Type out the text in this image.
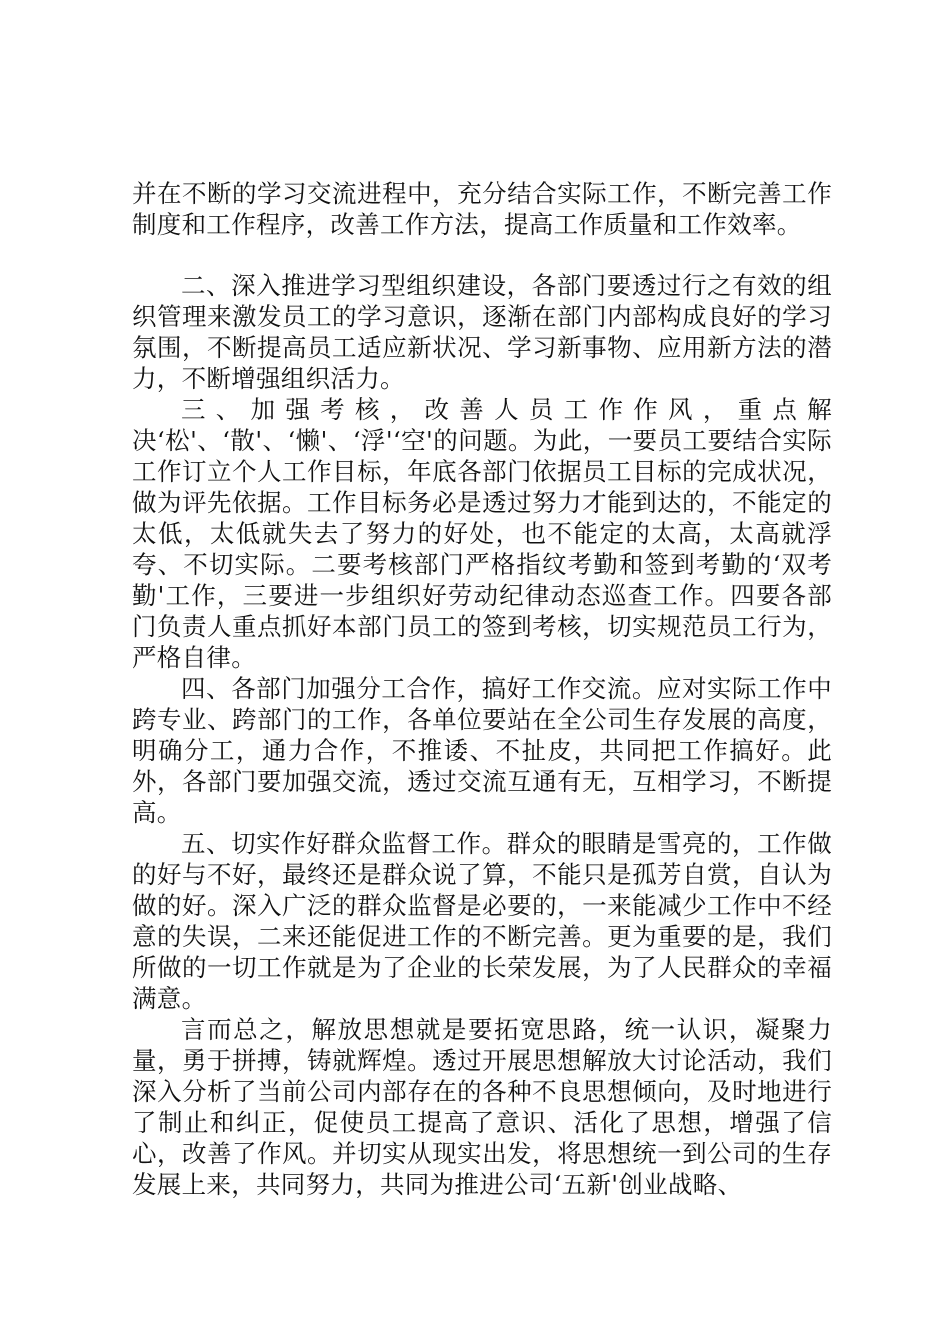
并在不断的学习交流进程中，充分结合实际工作，不断完善工作制度和工作程序，改善工作方法，提高工作质量和工作效率。

二、深入推进学习型组织建设，各部门要透过行之有效的组织管理来激发员工的学习意识，逐渐在部门内部构成良好的学习氛围，不断提高员工适应新状况、学习新事物、应用新方法的潜力，不断增强组织活力。

三、加强考核，改善人员工作作风，重点解决‘松'、‘散'、‘懒'、‘浮'‘空'的问题。为此，一要员工要结合实际工作订立个人工作目标，年底各部门依据员工目标的完成状况，做为评先依据。工作目标务必是透过努力才能到达的，不能定的太低，太低就失去了努力的好处，也不能定的太高，太高就浮夸、不切实际。二要考核部门严格指纹考勤和签到考勤的‘双考勤'工作，三要进一步组织好劳动纪律动态巡查工作。四要各部门负责人重点抓好本部门员工的签到考核，切实规范员工行为，严格自律。

四、各部门加强分工合作，搞好工作交流。应对实际工作中跨专业、跨部门的工作，各单位要站在全公司生存发展的高度，明确分工，通力合作，不推诿、不扯皮，共同把工作搞好。此外，各部门要加强交流，透过交流互通有无，互相学习，不断提高。

五、切实作好群众监督工作。群众的眼睛是雪亮的，工作做的好与不好，最终还是群众说了算，不能只是孤芳自赏，自认为做的好。深入广泛的群众监督是必要的，一来能减少工作中不经意的失误，二来还能促进工作的不断完善。更为重要的是，我们所做的一切工作就是为了企业的长荣发展，为了人民群众的幸福满意。

言而总之，解放思想就是要拓宽思路，统一认识，凝聚力量，勇于拼搏，铸就辉煌。透过开展思想解放大讨论活动，我们深入分析了当前公司内部存在的各种不良思想倾向，及时地进行了制止和纠正，促使员工提高了意识、活化了思想，增强了信心，改善了作风。并切实从现实出发，将思想统一到公司的生存发展上来，共同努力，共同为推进公司‘五新'创业战略、
